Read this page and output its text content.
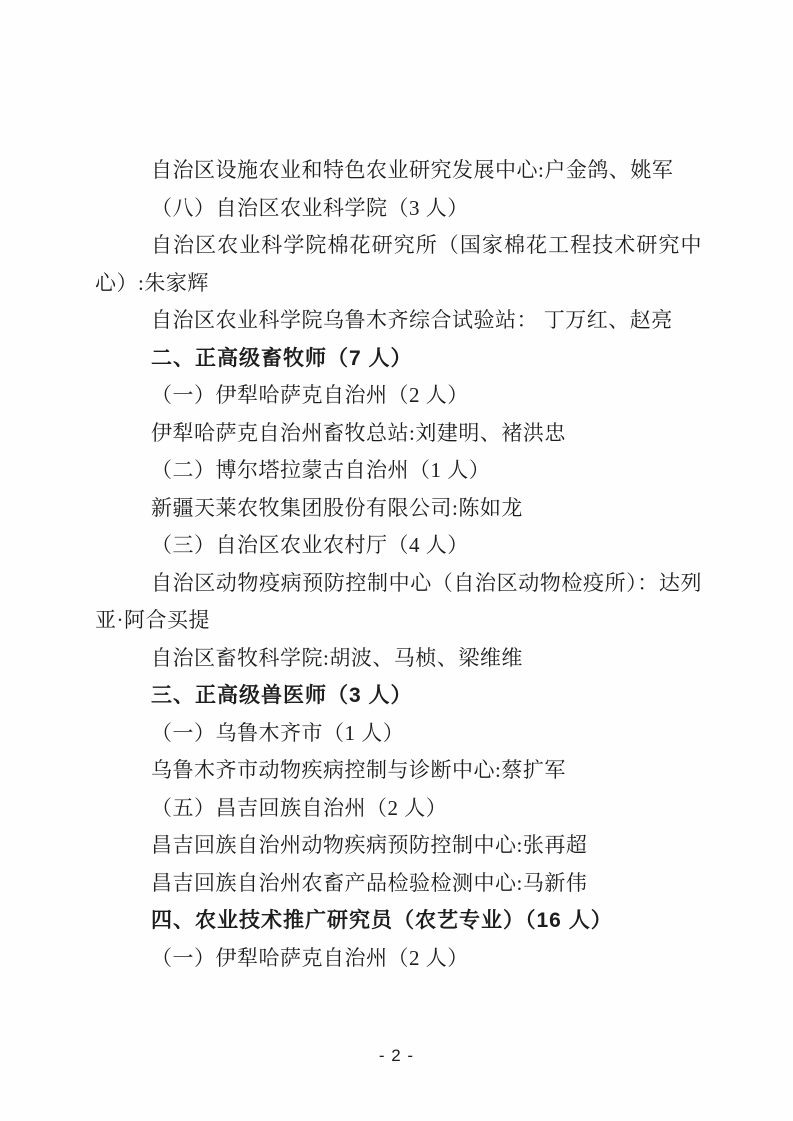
自治区设施农业和特色农业研究发展中心:户金鸽、姚军

（八）自治区农业科学院（3 人）

自治区农业科学院棉花研究所（国家棉花工程技术研究中心）:朱家辉

自治区农业科学院乌鲁木齐综合试验站： 丁万红、赵亮

二、正高级畜牧师（7 人）

（一）伊犁哈萨克自治州（2 人）

伊犁哈萨克自治州畜牧总站:刘建明、褚洪忠

（二）博尔塔拉蒙古自治州（1 人）

新疆天莱农牧集团股份有限公司:陈如龙

（三）自治区农业农村厅（4 人）

自治区动物疫病预防控制中心（自治区动物检疫所）：达列亚·阿合买提

自治区畜牧科学院:胡波、马桢、梁维维

三、正高级兽医师（3 人）

（一）乌鲁木齐市（1 人）

乌鲁木齐市动物疾病控制与诊断中心:蔡扩军

（五）昌吉回族自治州（2 人）

昌吉回族自治州动物疾病预防控制中心:张再超

昌吉回族自治州农畜产品检验检测中心:马新伟

四、农业技术推广研究员（农艺专业）（16 人）

（一）伊犁哈萨克自治州（2 人）

- 2 -
